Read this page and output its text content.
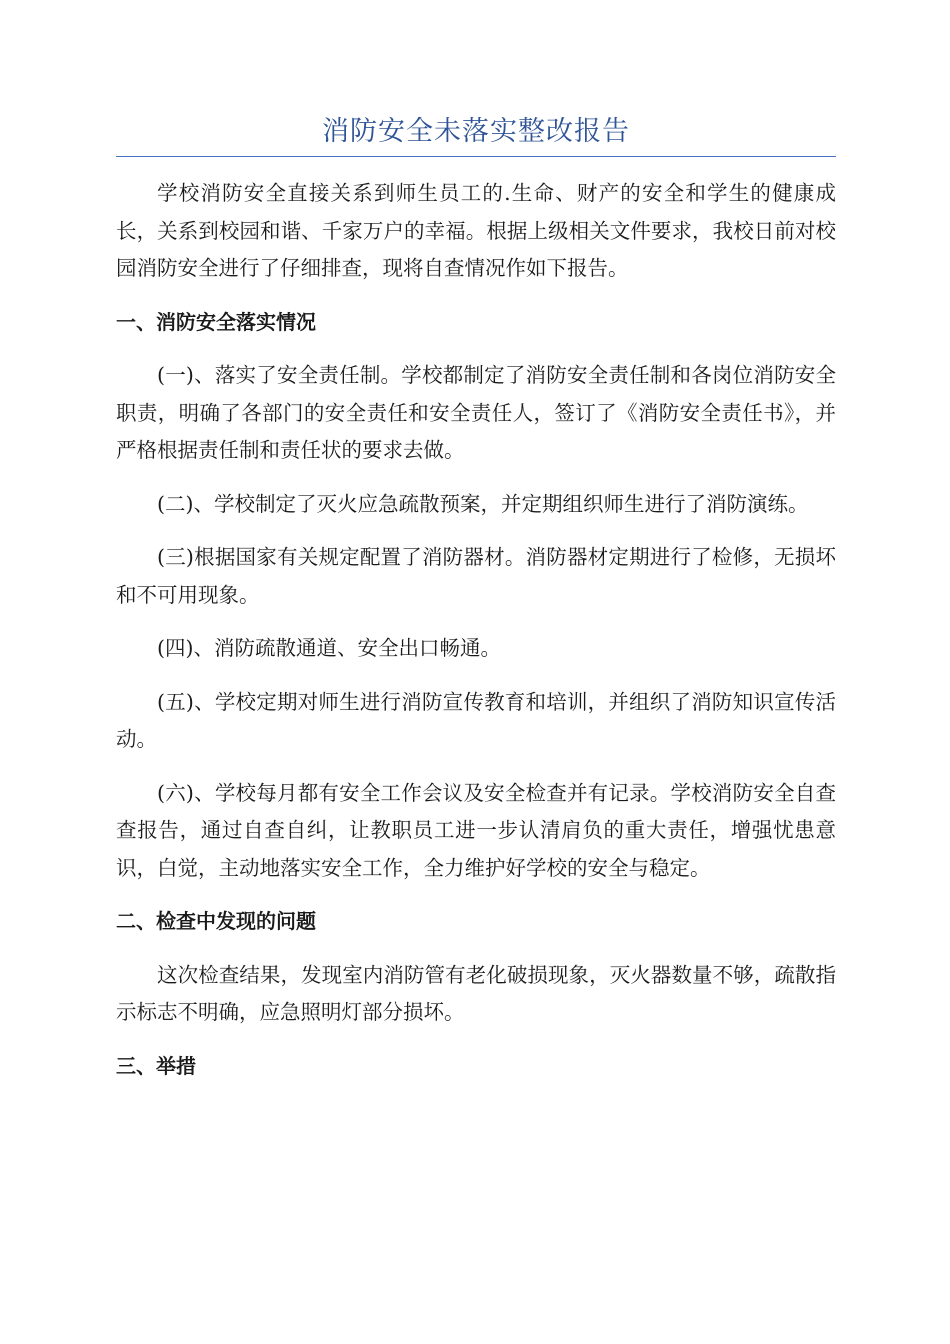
消防安全未落实整改报告

学校消防安全直接关系到师生员工的.生命、财产的安全和学生的健康成长，关系到校园和谐、千家万户的幸福。根据上级相关文件要求，我校日前对校园消防安全进行了仔细排查，现将自查情况作如下报告。

一、消防安全落实情况

(一)、落实了安全责任制。学校都制定了消防安全责任制和各岗位消防安全职责，明确了各部门的安全责任和安全责任人，签订了《消防安全责任书》，并严格根据责任制和责任状的要求去做。

(二)、学校制定了灭火应急疏散预案，并定期组织师生进行了消防演练。

(三)根据国家有关规定配置了消防器材。消防器材定期进行了检修，无损坏和不可用现象。

(四)、消防疏散通道、安全出口畅通。

(五)、学校定期对师生进行消防宣传教育和培训，并组织了消防知识宣传活动。

(六)、学校每月都有安全工作会议及安全检查并有记录。学校消防安全自查查报告，通过自查自纠，让教职员工进一步认清肩负的重大责任，增强忧患意识，白觉，主动地落实安全工作，全力维护好学校的安全与稳定。

二、检查中发现的问题

这次检查结果，发现室内消防管有老化破损现象，灭火器数量不够，疏散指示标志不明确，应急照明灯部分损坏。

三、举措
